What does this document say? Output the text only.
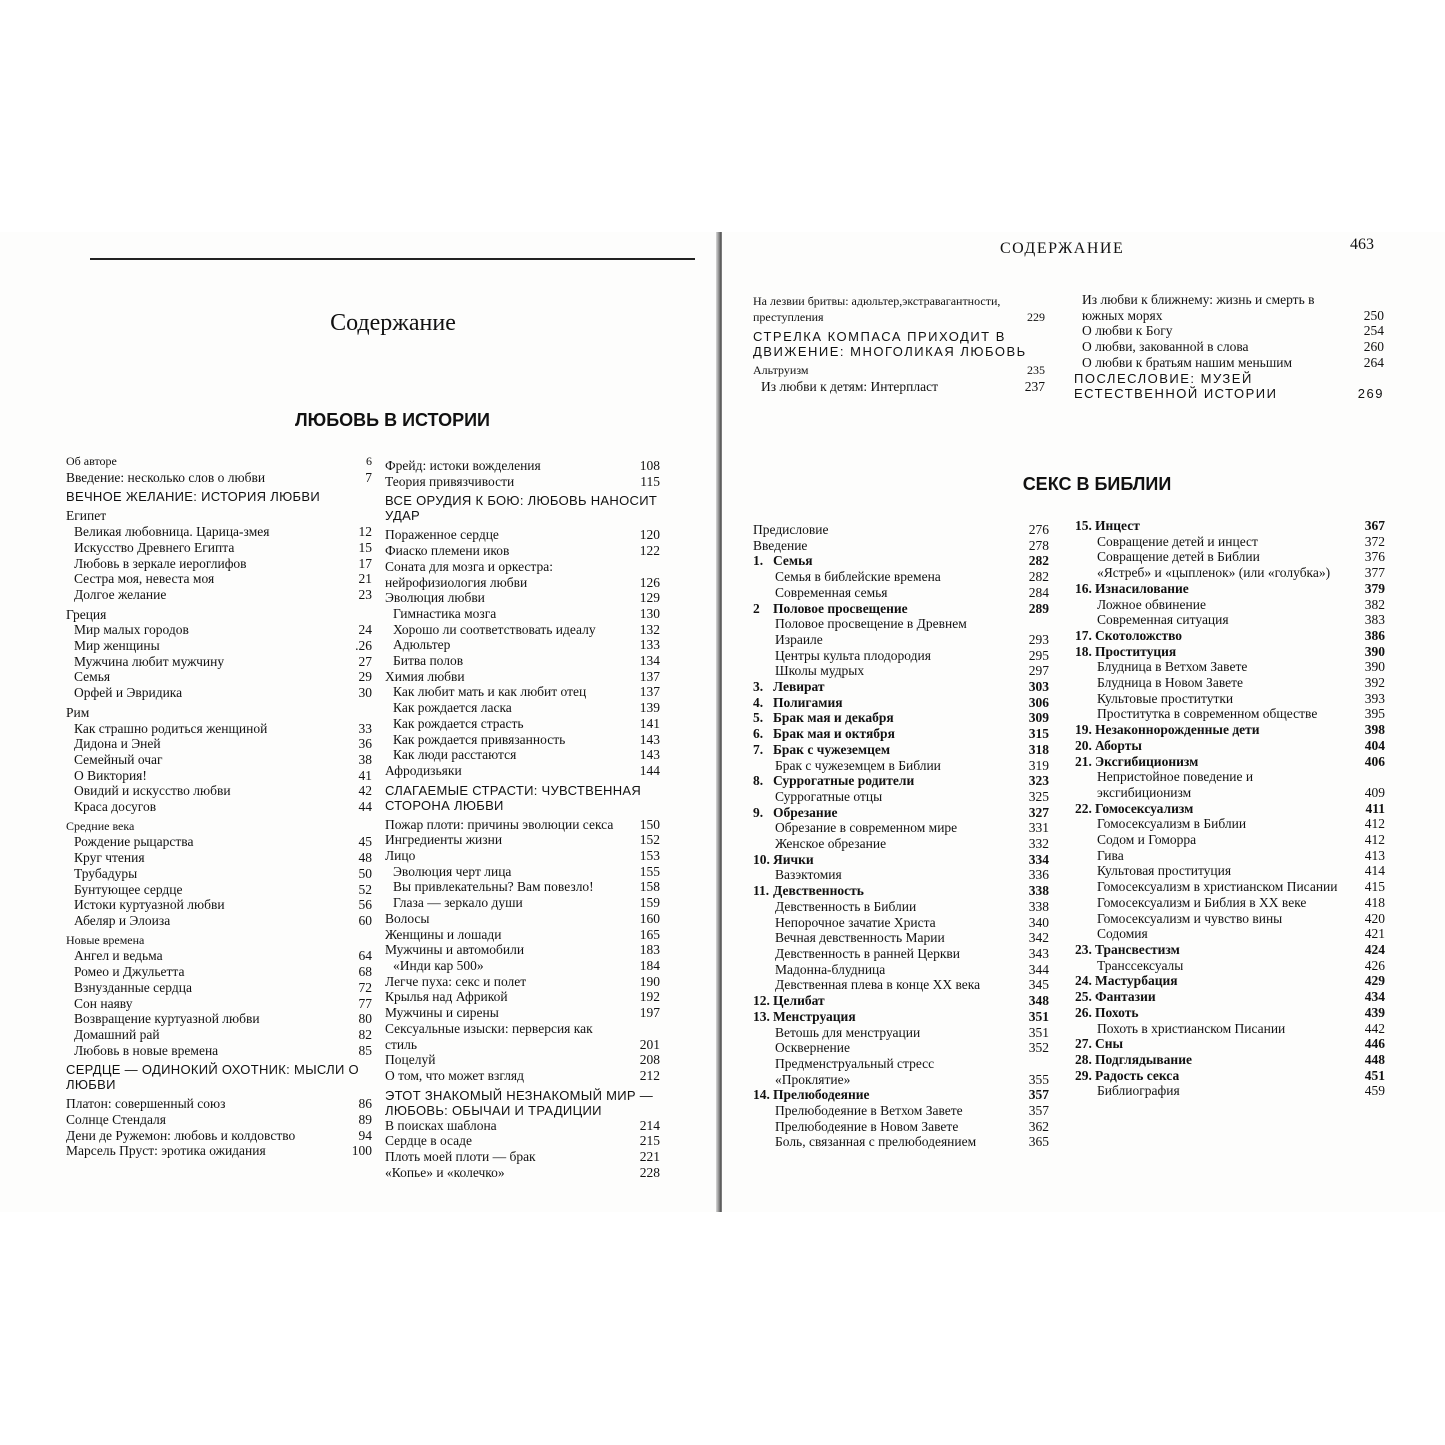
Содержание
ЛЮБОВЬ В ИСТОРИИ
Об авторе	6
Введение: несколько слов о любви	7
ВЕЧНОЕ ЖЕЛАНИЕ: ИСТОРИЯ ЛЮБВИ
Египет
Великая любовница. Царица-змея	12
Искусство Древнего Египта	15
Любовь в зеркале иероглифов	17
Сестра моя, невеста моя	21
Долгое желание	23
Греция
Мир малых городов	24
Мир женщины	.26
Мужчина любит мужчину	27
Семья	29
Орфей и Эвридика	30
Рим
Как страшно родиться женщиной	33
Дидона и Эней	36
Семейный очаг	38
О Виктория!	41
Овидий и искусство любви	42
Краса досугов	44
Средние века
Рождение рыцарства	45
Круг чтения	48
Трубадуры	50
Бунтующее сердце	52
Истоки куртуазной любви	56
Абеляр и Элоиза	60
Новые времена
Ангел и ведьма	64
Ромео и Джульетта	68
Взнузданные сердца	72
Сон наяву	77
Возвращение куртуазной любви	80
Домашний рай	82
Любовь в новые времена	85
СЕРДЦЕ — ОДИНОКИЙ ОХОТНИК: МЫСЛИ О ЛЮБВИ
Платон: совершенный союз	86
Солнце Стендаля	89
Дени де Ружемон: любовь и колдовство	94
Марсель Пруст: эротика ожидания	100
Фрейд: истоки вожделения	108
Теория привязчивости	115
ВСЕ ОРУДИЯ К БОЮ: ЛЮБОВЬ НАНОСИТ УДАР
Пораженное сердце	120
Фиаско племени иков	122
Соната для мозга и оркестра: нейрофизиология любви	126
Эволюция любви	129
Гимнастика мозга	130
Хорошо ли соответствовать идеалу	132
Адюльтер	133
Битва полов	134
Химия любви	137
Как любит мать и как любит отец	137
Как рождается ласка	139
Как рождается страсть	141
Как рождается привязанность	143
Как люди расстаются	143
Афродизьяки	144
СЛАГАЕМЫЕ СТРАСТИ: ЧУВСТВЕННАЯ СТОРОНА ЛЮБВИ
Пожар плоти: причины эволюции секса	150
Ингредиенты жизни	152
Лицо	153
Эволюция черт лица	155
Вы привлекательны? Вам повезло!	158
Глаза — зеркало души	159
Волосы	160
Женщины и лошади	165
Мужчины и автомобили	183
«Инди кар 500»	184
Легче пуха: секс и полет	190
Крылья над Африкой	192
Мужчины и сирены	197
Сексуальные изыски: перверсия как стиль	201
Поцелуй	208
О том, что может взгляд	212
ЭТОТ ЗНАКОМЫЙ НЕЗНАКОМЫЙ МИР — ЛЮБОВЬ: ОБЫЧАИ И ТРАДИЦИИ
В поисках шаблона	214
Сердце в осаде	215
Плоть моей плоти — брак	221
«Копье» и «колечко»	228
На лезвии бритвы: адюльтер,экстравагантности, преступления	229
СТРЕЛКА КОМПАСА ПРИХОДИТ В ДВИЖЕНИЕ: МНОГОЛИКАЯ ЛЮБОВЬ
Альтруизм	235
Из любви к детям: Интерпласт	237
Из любви к ближнему: жизнь и смерть в южных морях	250
О любви к Богу	254
О любви, закованной в слова	260
О любви к братьям нашим меньшим	264
ПОСЛЕСЛОВИЕ: МУЗЕЙ ЕСТЕСТВЕННОЙ ИСТОРИИ	269
СЕКС В БИБЛИИ
Предисловие	276
Введение	278
1. Семья	282
Семья в библейские времена	282
Современная семья	284
2 Половое просвещение	289
Половое просвещение в Древнем Израиле	293
Центры культа плодородия	295
Школы мудрых	297
3. Левират	303
4. Полигамия	306
5. Брак мая и декабря	309
6. Брак мая и октября	315
7. Брак с чужеземцем	318
Брак с чужеземцем в Библии	319
8. Суррогатные родители	323
Суррогатные отцы	325
9. Обрезание	327
Обрезание в современном мире	331
Женское обрезание	332
10. Яички	334
Вазэктомия	336
11. Девственность	338
Девственность в Библии	338
Непорочное зачатие Христа	340
Вечная девственность Марии	342
Девственность в ранней Церкви	343
Мадонна-блудница	344
Девственная плева в конце XX века	345
12. Целибат	348
13. Менструация	351
Ветошь для менструации	351
Осквернение	352
Предменструальный стресс «Проклятие»	355
14. Прелюбодеяние	357
Прелюбодеяние в Ветхом Завете	357
Прелюбодеяние в Новом Завете	362
Боль, связанная с прелюбодеянием	365
15. Инцест	367
Совращение детей и инцест	372
Совращение детей в Библии	376
«Ястреб» и «цыпленок» (или «голубка»)	377
16. Изнасилование	379
Ложное обвинение	382
Современная ситуация	383
17. Скотоложство	386
18. Проституция	390
Блудница в Ветхом Завете	390
Блудница в Новом Завете	392
Культовые проститутки	393
Проститутка в современном обществе	395
19. Незаконнорожденные дети	398
20. Аборты	404
21. Эксгибиционизм	406
Непристойное поведение и эксгибиционизм	409
22. Гомосексуализм	411
Гомосексуализм в Библии	412
Содом и Гоморра	412
Гива	413
Культовая проституция	414
Гомосексуализм в христианском Писании	415
Гомосексуализм и Библия в XX веке	418
Гомосексуализм и чувство вины	420
Содомия	421
23. Трансвестизм	424
Транссексуалы	426
24. Мастурбация	429
25. Фантазии	434
26. Похоть	439
Похоть в христианском Писании	442
27. Сны	446
28. Подглядывание	448
29. Радость секса	451
Библиография	459
СОДЕРЖАНИЕ	463
